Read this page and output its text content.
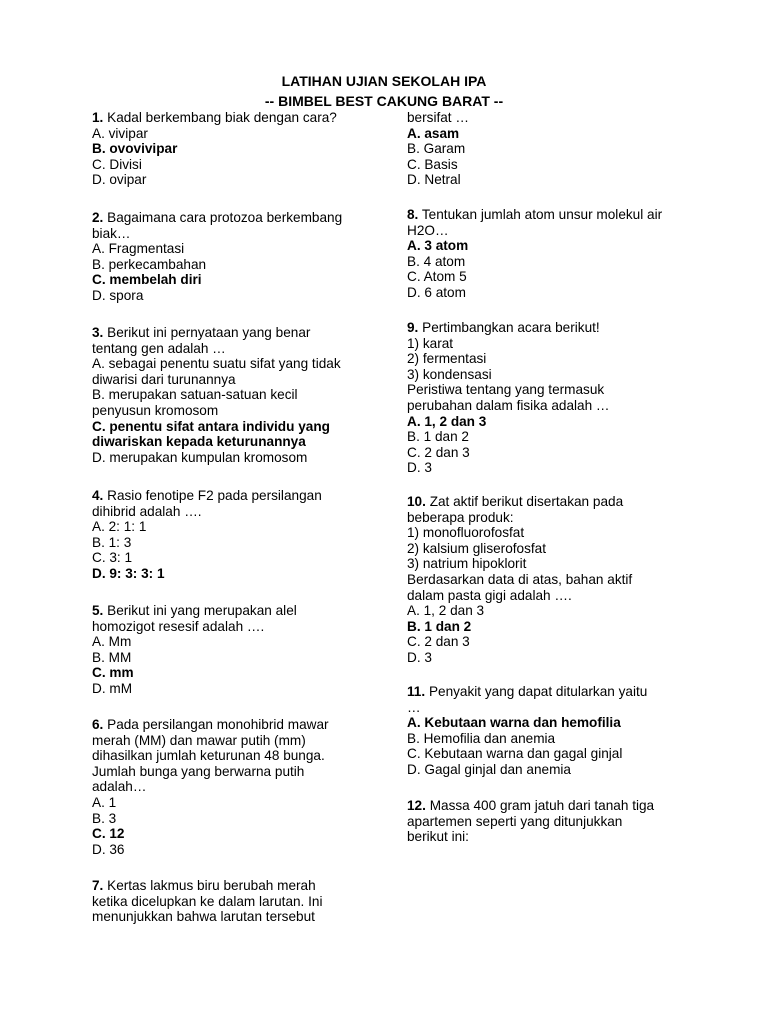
LATIHAN UJIAN SEKOLAH IPA
-- BIMBEL BEST CAKUNG BARAT --
1. Kadal berkembang biak dengan cara?
A. vivipar
B. ovovivipar
C. Divisi
D. ovipar
2. Bagaimana cara protozoa berkembang
biak…
A. Fragmentasi
B. perkecambahan
C. membelah diri
D. spora
3. Berikut ini pernyataan yang benar
tentang gen adalah …
A. sebagai penentu suatu sifat yang tidak
diwarisi dari turunannya
B. merupakan satuan-satuan kecil
penyusun kromosom
C. penentu sifat antara individu yang
diwariskan kepada keturunannya
D. merupakan kumpulan kromosom
4. Rasio fenotipe F2 pada persilangan
dihibrid adalah ….
A. 2: 1: 1
B. 1: 3
C. 3: 1
D. 9: 3: 3: 1
5. Berikut ini yang merupakan alel
homozigot resesif adalah ….
A. Mm
B. MM
C. mm
D. mM
6. Pada persilangan monohibrid mawar
merah (MM) dan mawar putih (mm)
dihasilkan jumlah keturunan 48 bunga.
Jumlah bunga yang berwarna putih
adalah…
A. 1
B. 3
C. 12
D. 36
7. Kertas lakmus biru berubah merah
ketika dicelupkan ke dalam larutan. Ini
menunjukkan bahwa larutan tersebut
bersifat …
A. asam
B. Garam
C. Basis
D. Netral
8. Tentukan jumlah atom unsur molekul air
H2O…
A. 3 atom
B. 4 atom
C. Atom 5
D. 6 atom
9. Pertimbangkan acara berikut!
1) karat
2) fermentasi
3) kondensasi
Peristiwa tentang yang termasuk
perubahan dalam fisika adalah …
A. 1, 2 dan 3
B. 1 dan 2
C. 2 dan 3
D. 3
10. Zat aktif berikut disertakan pada
beberapa produk:
1) monofluorofosfat
2) kalsium gliserofosfat
3) natrium hipoklorit
Berdasarkan data di atas, bahan aktif
dalam pasta gigi adalah ….
A. 1, 2 dan 3
B. 1 dan 2
C. 2 dan 3
D. 3
11. Penyakit yang dapat ditularkan yaitu
…
A. Kebutaan warna dan hemofilia
B. Hemofilia dan anemia
C. Kebutaan warna dan gagal ginjal
D. Gagal ginjal dan anemia
12. Massa 400 gram jatuh dari tanah tiga
apartemen seperti yang ditunjukkan
berikut ini:
